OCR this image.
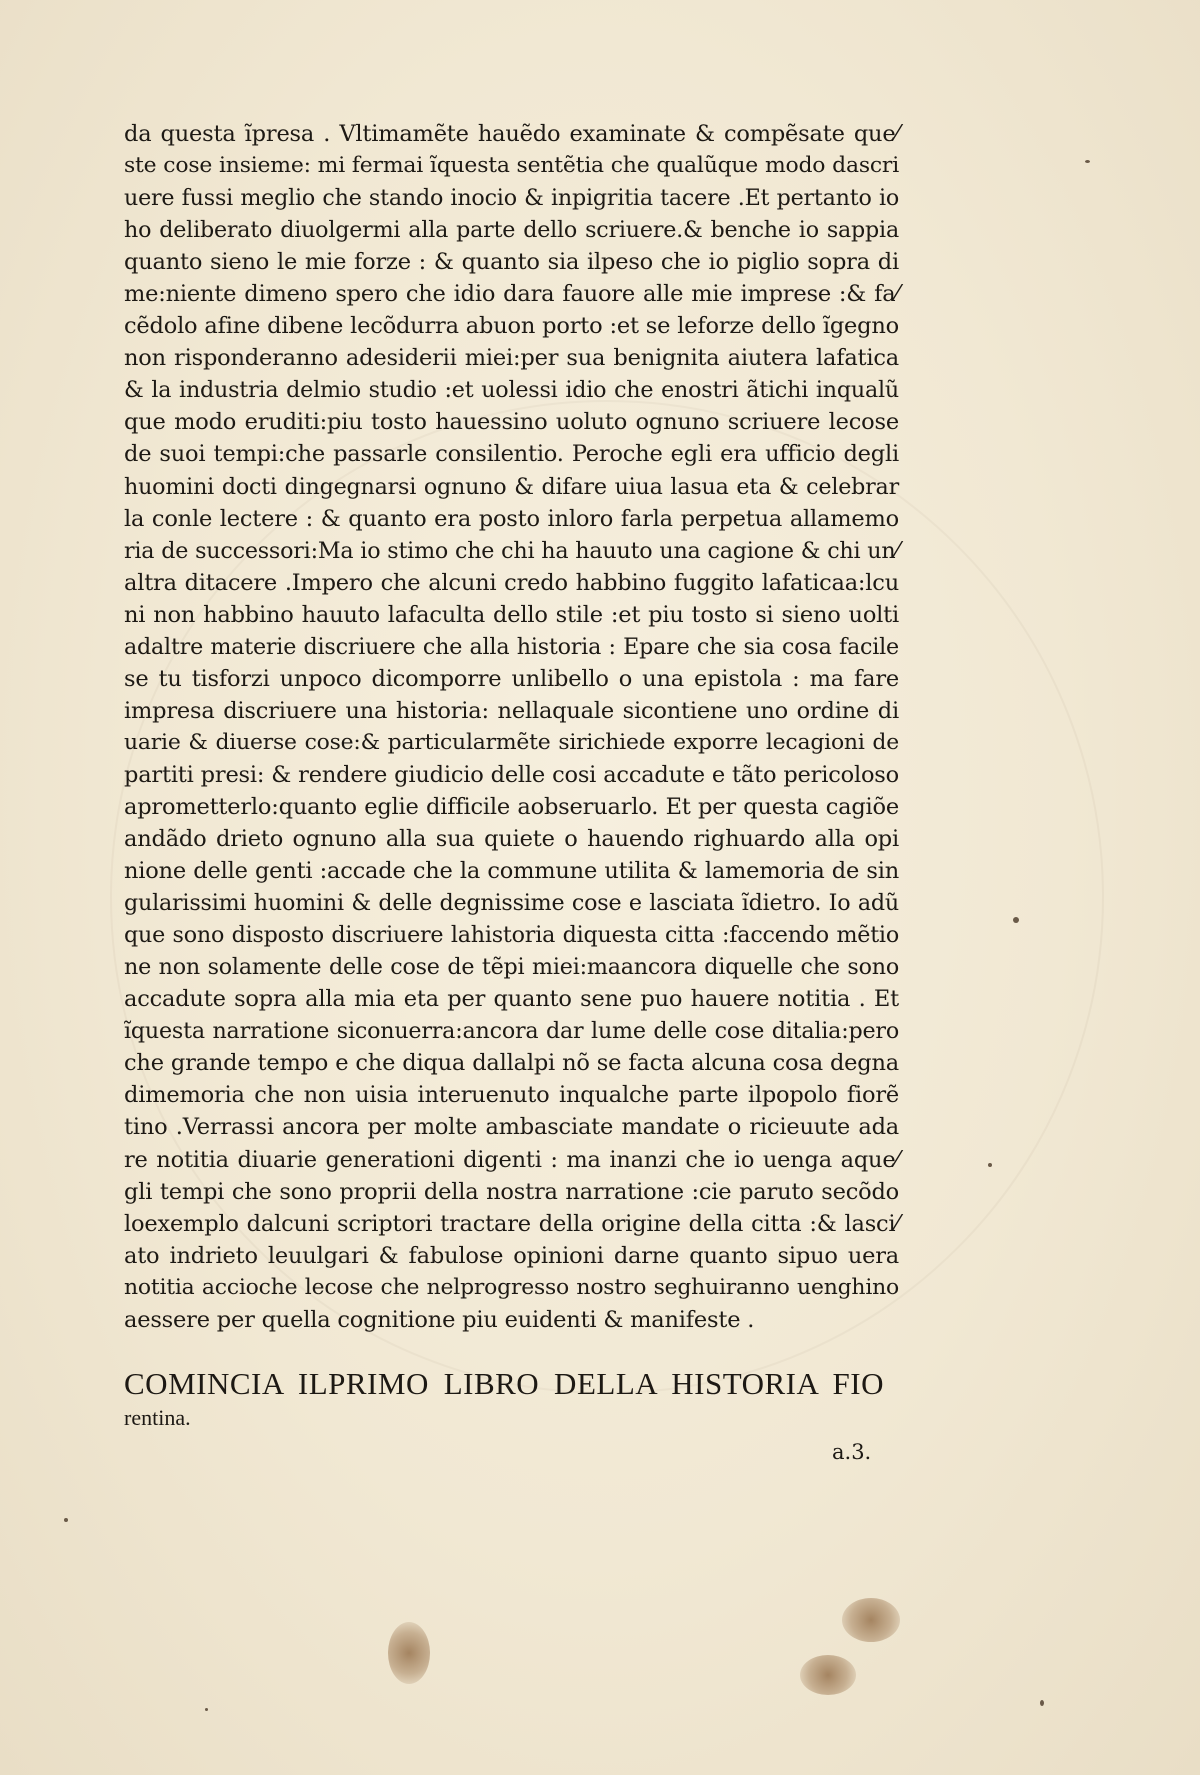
da questa ĩpresa . Vltimamẽte hauẽdo examinate & compẽsate que⁄
ste cose insieme: mi fermai ĩquesta sentẽtia che qualũque modo dascri
uere fussi meglio che stando inocio & inpigritia tacere .Et pertanto io
ho deliberato diuolgermi alla parte dello scriuere.& benche io sappia
quanto sieno le mie forze : & quanto sia ilpeso che io piglio sopra di
me:niente dimeno spero che idio dara fauore alle mie imprese :& fa⁄
cẽdolo afine dibene lecõdurra abuon porto :et se leforze dello ĩgegno
non risponderanno adesiderii miei:per sua benignita aiutera lafatica
& la industria delmio studio :et uolessi idio che enostri ãtichi inqualũ
que modo eruditi:piu tosto hauessino uoluto ognuno scriuere lecose
de suoi tempi:che passarle consilentio. Peroche egli era ufficio degli
huomini docti dingegnarsi ognuno & difare uiua lasua eta & celebrar
la conle lectere : & quanto era posto inloro farla perpetua allamemo
ria de successori:Ma io stimo che chi ha hauuto una cagione & chi un⁄
altra ditacere .Impero che alcuni credo habbino fuggito lafaticaa:lcu
ni non habbino hauuto lafaculta dello stile :et piu tosto si sieno uolti
adaltre materie discriuere che alla historia : Epare che sia cosa facile
se tu tisforzi unpoco dicomporre unlibello o una epistola : ma fare
impresa discriuere una historia: nellaquale sicontiene uno ordine di
uarie & diuerse cose:& particularmẽte sirichiede exporre lecagioni de
partiti presi: & rendere giudicio delle cosi accadute e tãto pericoloso
aprometterlo:quanto eglie difficile aobseruarlo. Et per questa cagiõe
andãdo drieto ognuno alla sua quiete o hauendo righuardo alla opi
nione delle genti :accade che la commune utilita & lamemoria de sin
gularissimi huomini & delle degnissime cose e lasciata ĩdietro. Io adũ
que sono disposto discriuere lahistoria diquesta citta :faccendo mẽtio
ne non solamente delle cose de tẽpi miei:maancora diquelle che sono
accadute sopra alla mia eta per quanto sene puo hauere notitia . Et
ĩquesta narratione siconuerra:ancora dar lume delle cose ditalia:pero
che grande tempo e che diqua dallalpi nõ se facta alcuna cosa degna
dimemoria che non uisia interuenuto inqualche parte ilpopolo fiorẽ
tino .Verrassi ancora per molte ambasciate mandate o ricieuute ada
re notitia diuarie generationi digenti : ma inanzi che io uenga aque⁄
gli tempi che sono proprii della nostra narratione :cie paruto secõdo
loexemplo dalcuni scriptori tractare della origine della citta :& lasci⁄
ato indrieto leuulgari & fabulose opinioni darne quanto sipuo uera
notitia accioche lecose che nelprogresso nostro seghuiranno uenghino
aessere per quella cognitione piu euidenti & manifeste .
COMINCIA ILPRIMO LIBRO DELLA HISTORIA FIO
rentina.
a.3.
